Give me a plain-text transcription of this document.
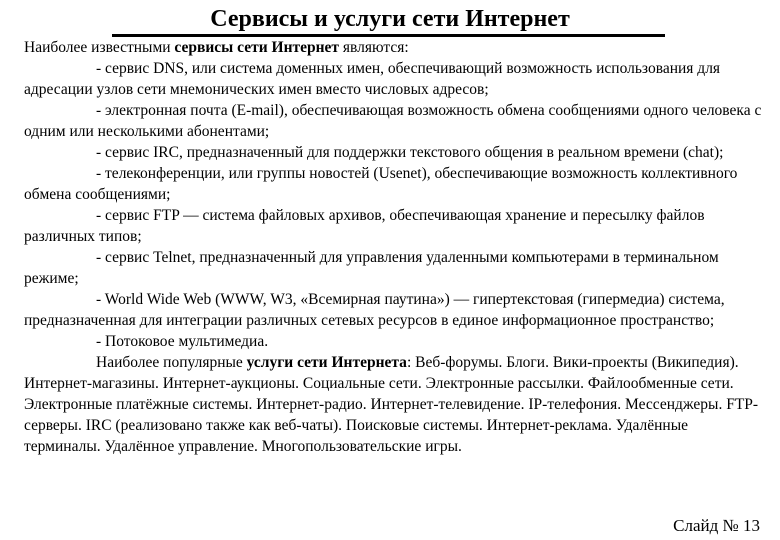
Сервисы и услуги сети Интернет

Наиболее известными сервисы сети Интернет являются:

- сервис DNS, или система доменных имен, обеспечивающий возможность использования для адресации узлов сети мнемонических имен вместо числовых адресов;

- электронная почта (E-mail), обеспечивающая возможность обмена сообщениями одного человека с одним или несколькими абонентами;

- сервис IRC, предназначенный для поддержки текстового общения в реальном времени (chat);

- телеконференции, или группы новостей (Usenet), обеспечивающие возможность коллективного обмена сообщениями;

- сервис FTP — система файловых архивов, обеспечивающая хранение и пересылку файлов различных типов;

- сервис Telnet, предназначенный для управления удаленными компьютерами в терминальном режиме;

- World Wide Web (WWW, W3, «Всемирная паутина») — гипертекстовая (гипермедиа) система, предназначенная для интеграции различных сетевых ресурсов в единое информационное пространство;

- Потоковое мультимедиа.

Наиболее популярные услуги сети Интернета: Веб-форумы. Блоги. Вики-проекты (Википедия). Интернет-магазины. Интернет-аукционы. Социальные сети. Электронные рассылки. Файлообменные сети. Электронные платёжные системы. Интернет-радио. Интернет-телевидение. IP-телефония. Мессенджеры. FTP-серверы. IRC (реализовано также как веб-чаты). Поисковые системы. Интернет-реклама. Удалённые терминалы. Удалённое управление. Многопользовательские игры.

Слайд № 13
